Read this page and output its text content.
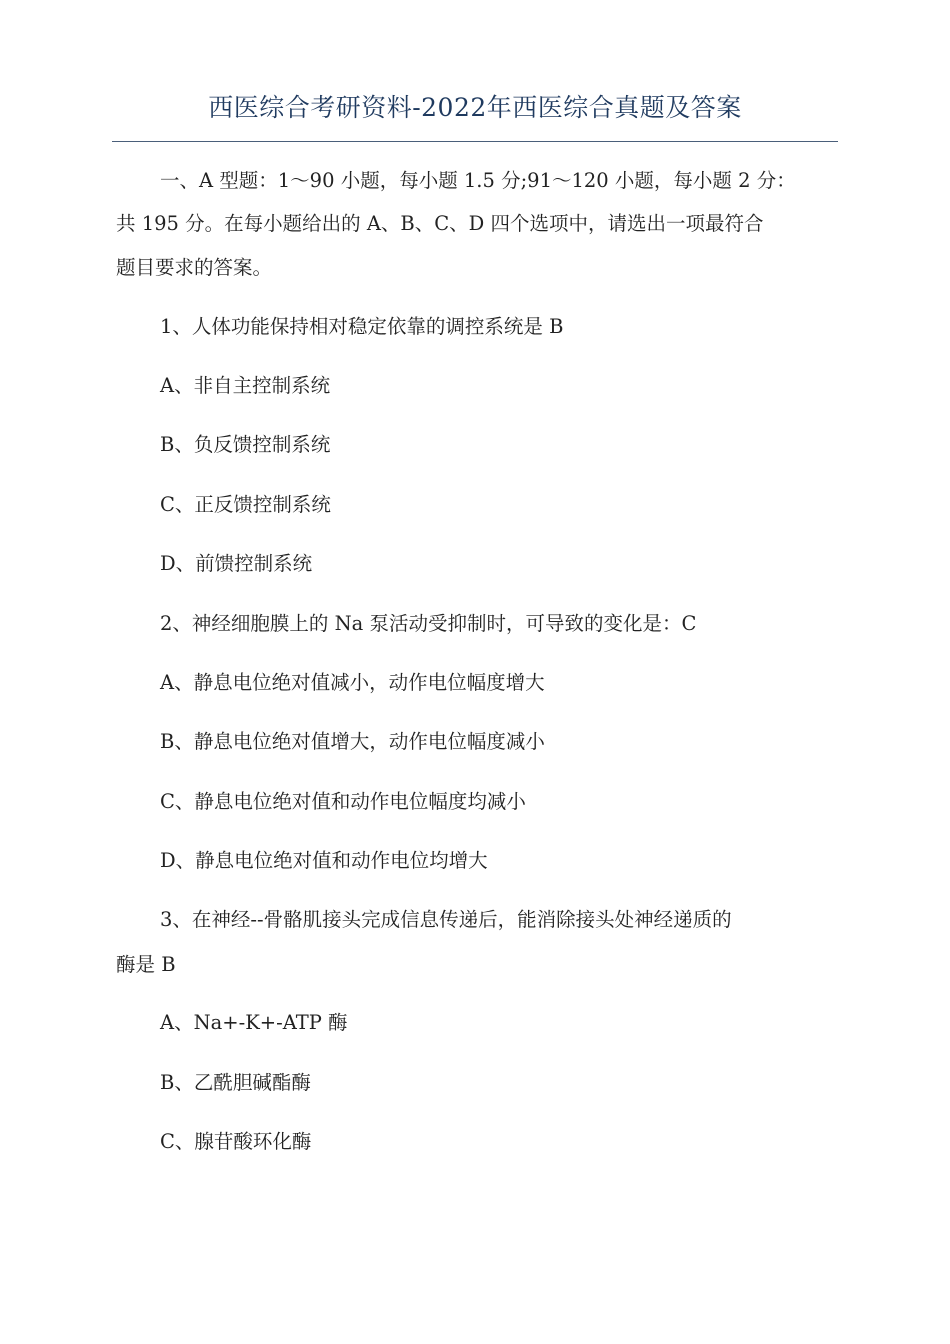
西医综合考研资料-2022年西医综合真题及答案
一、A 型题：1～90 小题，每小题 1.5 分;91～120 小题，每小题 2 分：
共 195 分。在每小题给出的 A、B、C、D 四个选项中，请选出一项最符合
题目要求的答案。
1、人体功能保持相对稳定依靠的调控系统是 B
A、非自主控制系统
B、负反馈控制系统
C、正反馈控制系统
D、前馈控制系统
2、神经细胞膜上的 Na 泵活动受抑制时，可导致的变化是：C
A、静息电位绝对值减小，动作电位幅度增大
B、静息电位绝对值增大，动作电位幅度减小
C、静息电位绝对值和动作电位幅度均减小
D、静息电位绝对值和动作电位均增大
3、在神经--骨骼肌接头完成信息传递后，能消除接头处神经递质的
酶是 B
A、Na+-K+-ATP 酶
B、乙酰胆碱酯酶
C、腺苷酸环化酶
